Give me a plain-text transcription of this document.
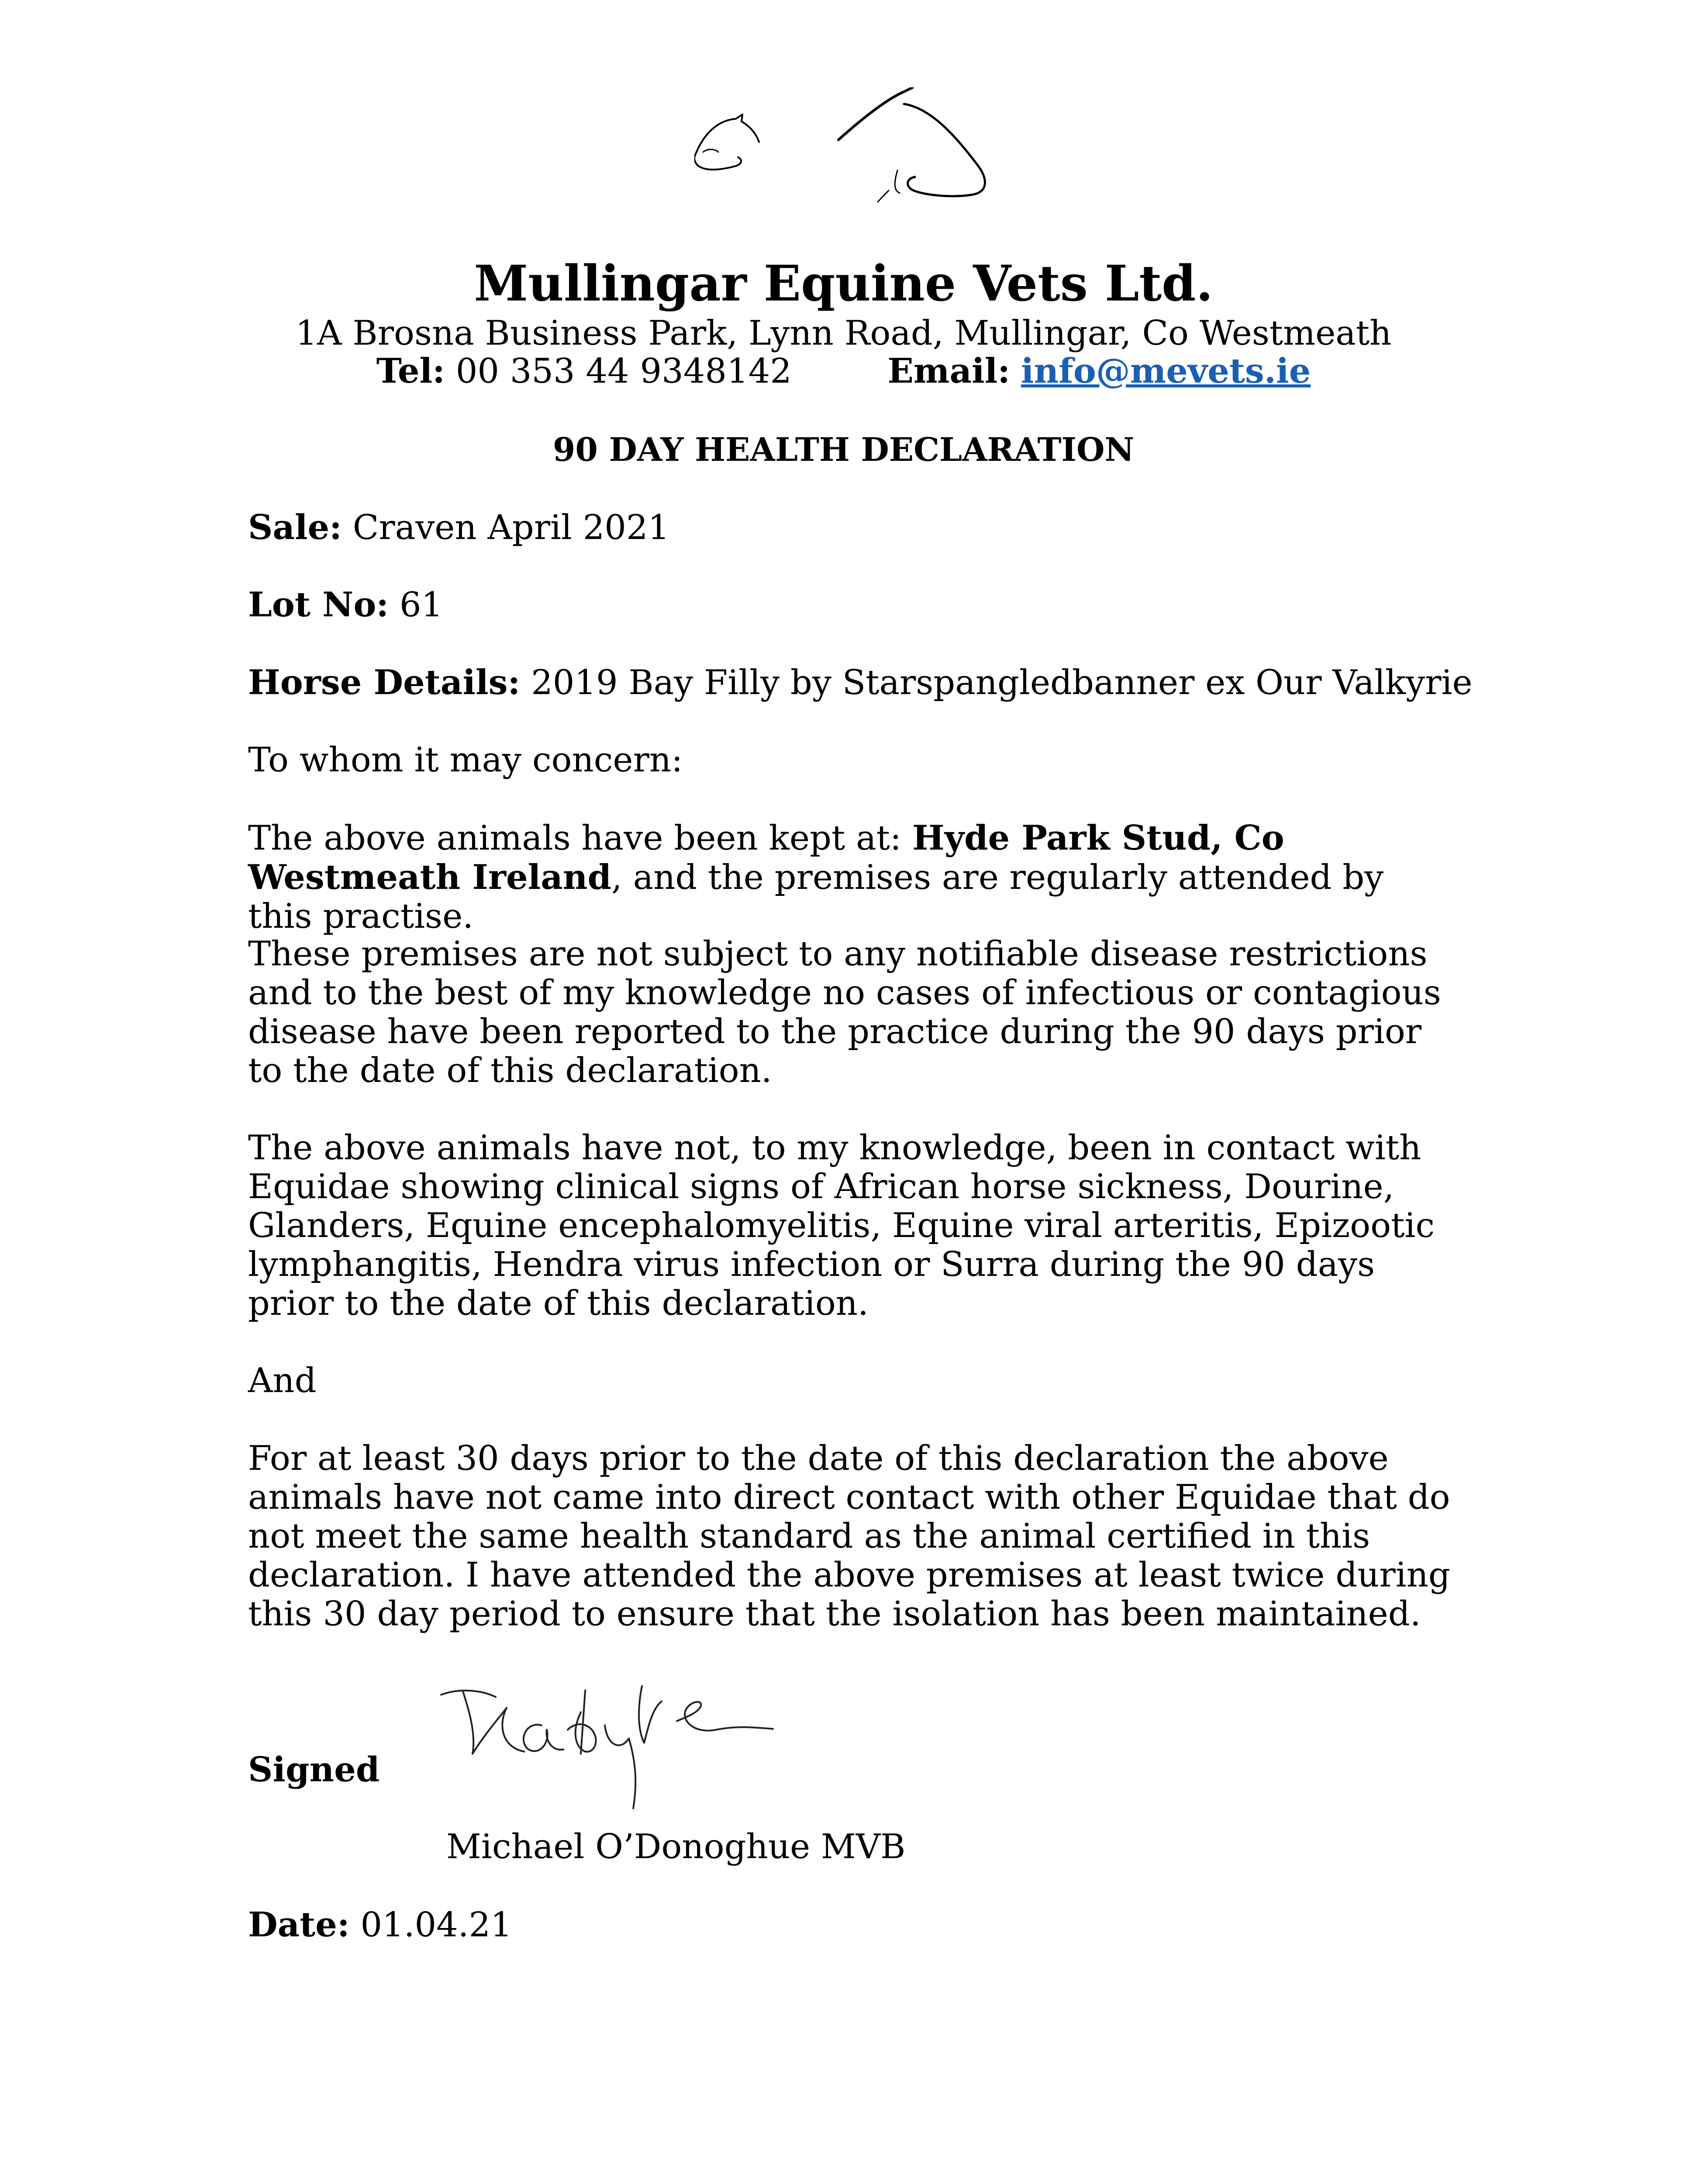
Mullingar Equine Vets Ltd.
1A Brosna Business Park, Lynn Road, Mullingar, Co Westmeath
Tel: 00 353 44 9348142	Email: info@mevets.ie
90 DAY HEALTH DECLARATION
Sale: Craven April 2021
Lot No: 61
Horse Details: 2019 Bay Filly by Starspangledbanner ex Our Valkyrie
To whom it may concern:
The above animals have been kept at: Hyde Park Stud, Co Westmeath Ireland, and the premises are regularly attended by this practise.
These premises are not subject to any notifiable disease restrictions and to the best of my knowledge no cases of infectious or contagious disease have been reported to the practice during the 90 days prior to the date of this declaration.
The above animals have not, to my knowledge, been in contact with Equidae showing clinical signs of African horse sickness, Dourine, Glanders, Equine encephalomyelitis, Equine viral arteritis, Epizootic lymphangitis, Hendra virus infection or Surra during the 90 days prior to the date of this declaration.
And
For at least 30 days prior to the date of this declaration the above animals have not came into direct contact with other Equidae that do not meet the same health standard as the animal certified in this declaration. I have attended the above premises at least twice during this 30 day period to ensure that the isolation has been maintained.
Signed
Michael O’Donoghue MVB
Date: 01.04.21
